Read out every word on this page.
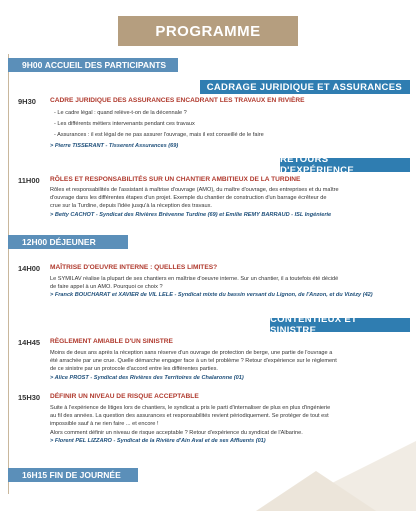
PROGRAMME
9H00
ACCUEIL DES PARTICIPANTS
CADRAGE JURIDIQUE ET ASSURANCES
9H30 CADRE JURIDIQUE DES ASSURANCES ENCADRANT LES TRAVAUX EN RIVIÈRE
- Le cadre légal : quand relève-t-on de la décennale ?
- Les différents métiers intervenants pendant ces travaux
- Assurances : il est légal de ne pas assurer l'ouvrage, mais il est conseillé de le faire
> Pierre TISSERANT - Tisserent Assurances (69)
RETOURS D'EXPÉRIENCE
11H00 RÔLES ET RESPONSABILITÉS SUR UN CHANTIER AMBITIEUX DE LA TURDINE
Rôles et responsabilités de l'assistant à maîtrise d'ouvrage (AMO), du maître d'ouvrage, des entreprises et du maître
d'ouvrage dans les différentes étapes d'un projet. Exemple du chantier de construction d'un barrage écrêteur de
crue sur la Turdine, depuis l'idée jusqu'à la réception des travaux.
> Betty CACHOT - Syndicat des Rivières Brévenne Turdine (69) et Emilie REMY BARRAUD - ISL Ingénierie
12H00
DÉJEUNER
14H00 MAÎTRISE D'OEUVRE INTERNE : QUELLES LIMITES?
Le SYMILAV réalise la plupart de ses chantiers en maîtrise d'oeuvre interne. Sur un chantier, il a toutefois été décidé
de faire appel à un AMO. Pourquoi ce choix ?
> Franck BOUCHARAT et XAVIER de VIL LELE - Syndicat mixte du bassin versant du Lignon, de l'Anzon, et du Vizézy (42)
CONTENTIEUX ET SINISTRE
14H45 RÈGLEMENT AMIABLE D'UN SINISTRE
Moins de deux ans après la réception sans réserve d'un ouvrage de protection de berge, une partie de l'ouvrage a
été arrachée par une crue. Quelle démarche engager face à un tel problème ? Retour d'expérience sur le règlement
de ce sinistre par un protocole d'accord entre les différentes parties.
> Alice PROST - Syndicat des Rivières des Territoires de Chalaronne (01)
15H30 DÉFINIR UN NIVEAU DE RISQUE ACCEPTABLE
Suite à l'expérience de litiges lors de chantiers, le syndicat a pris le parti d'internaliser de plus en plus d'ingénierie
au fil des années. La question des assurances et responsabilités revient périodiquement. Se protéger de tout est
impossible sauf à ne rien faire ... et encore !
Alors comment définir un niveau de risque acceptable ? Retour d'expérience du syndicat de l'Albarine.
> Florent PEL LIZZARO - Syndicat de la Rivière d'Ain Aval et de ses Affluents (01)
16H15
FIN DE JOURNÉE
